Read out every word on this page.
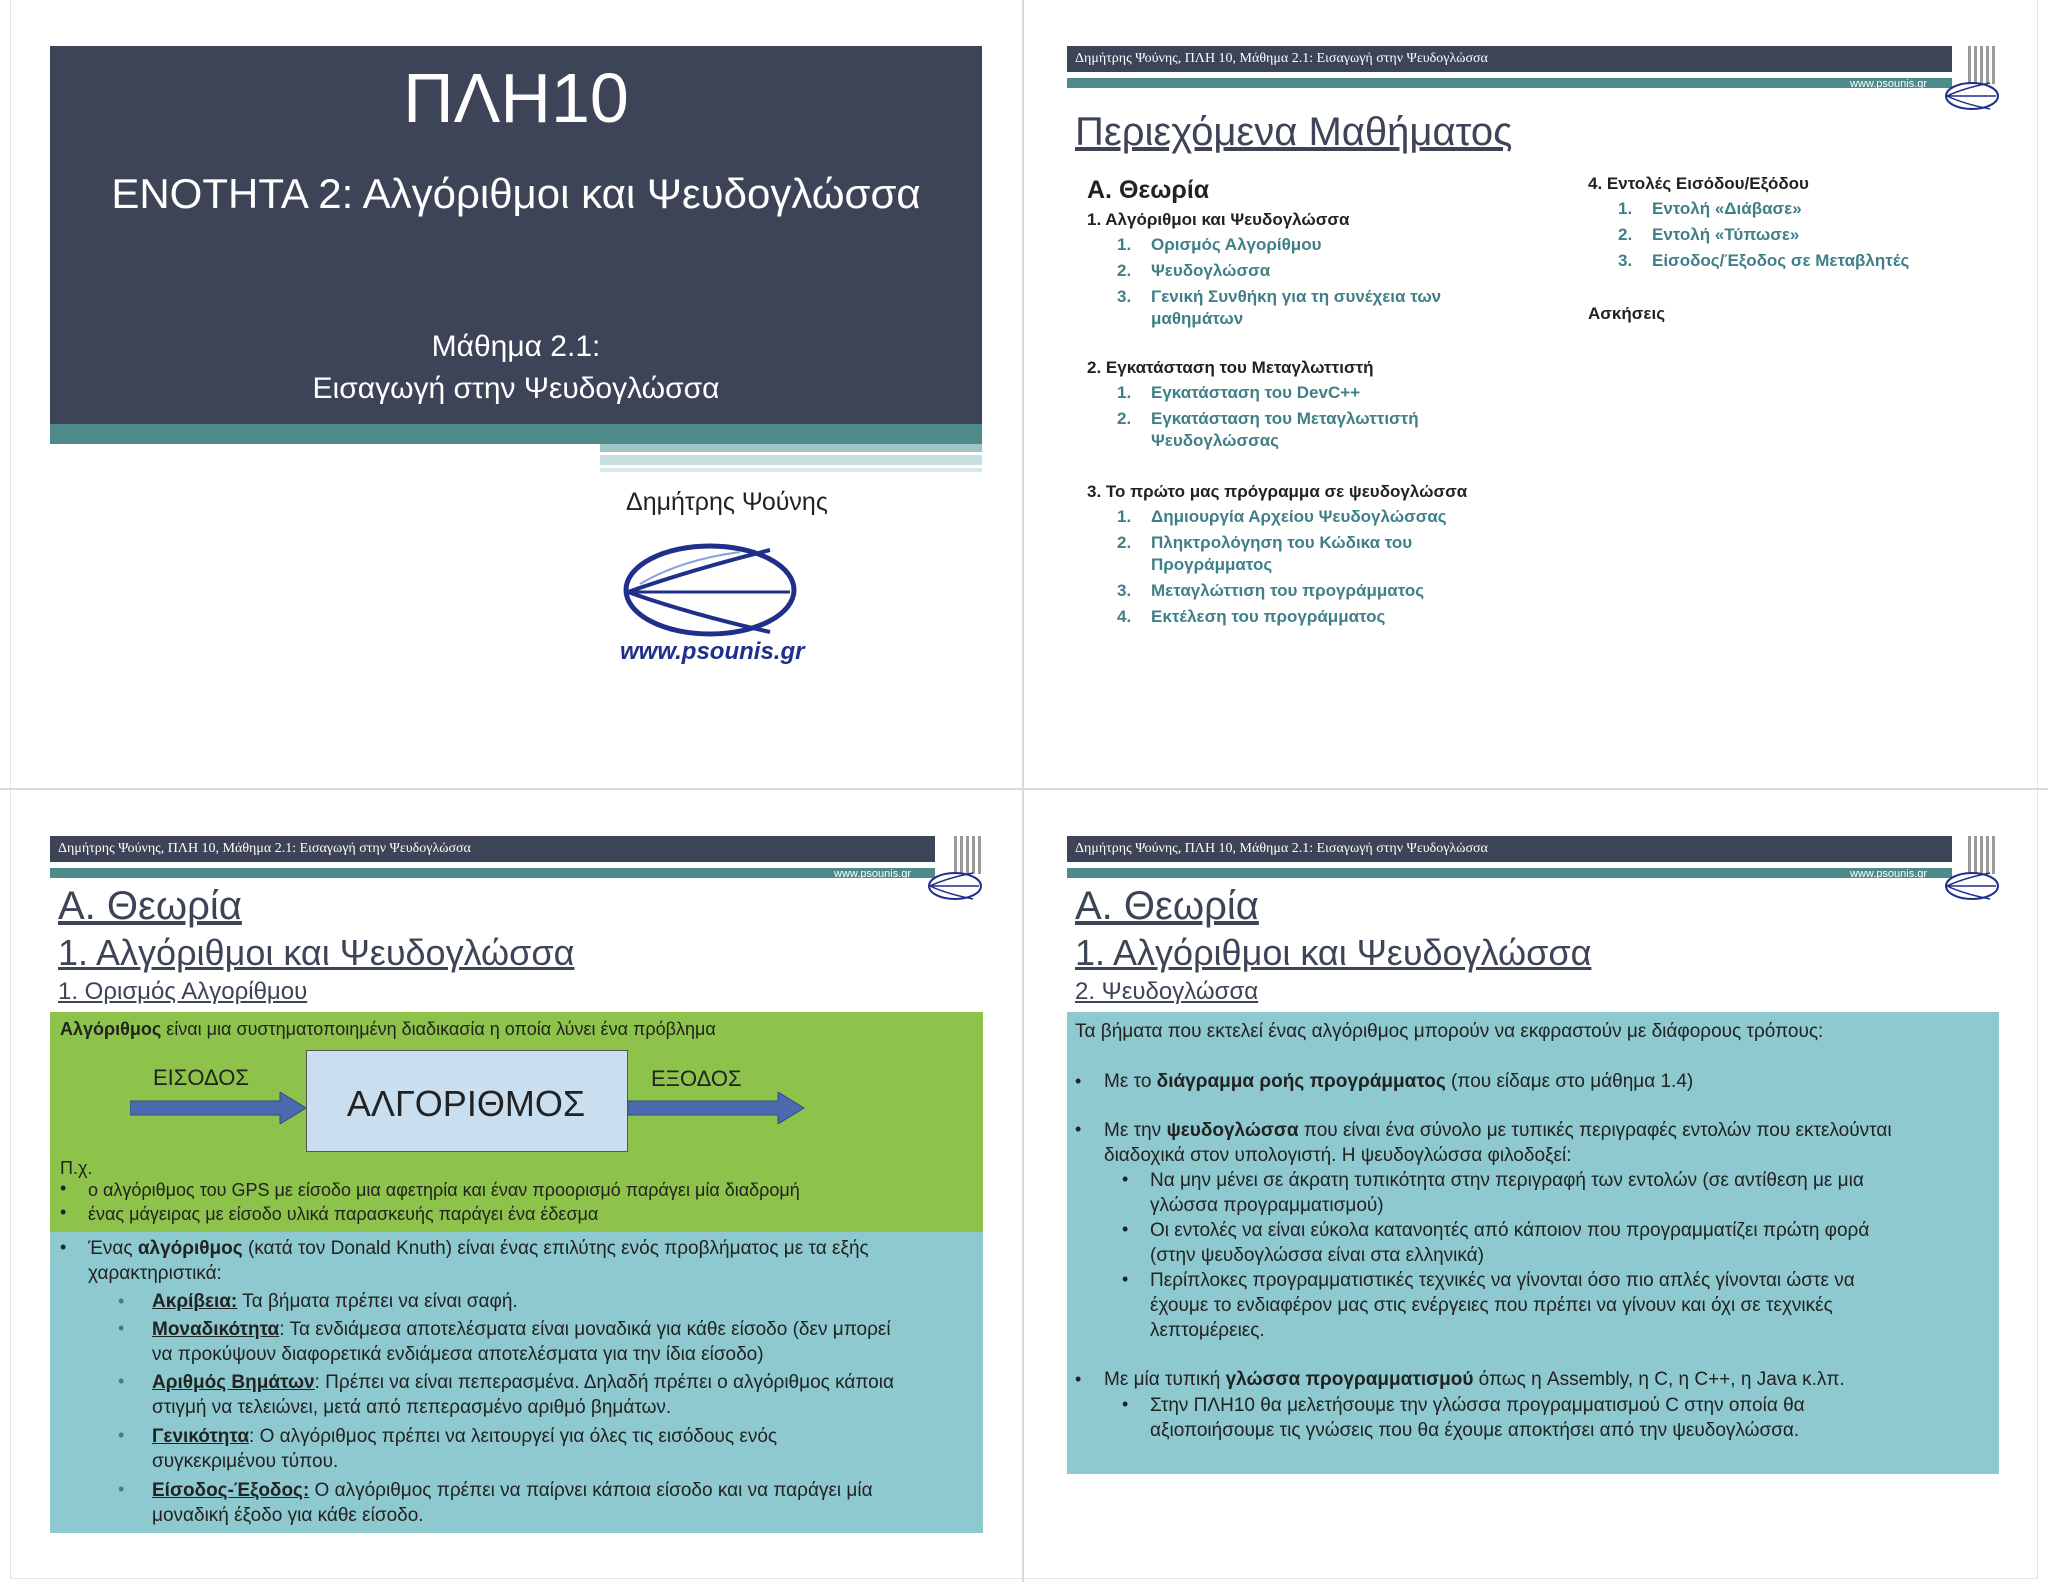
ΠΛΗ10
ΕΝΟΤΗΤΑ 2: Αλγόριθμοι και Ψευδογλώσσα
Μάθημα 2.1:
Εισαγωγή στην Ψευδογλώσσα
Δημήτρης Ψούνης
www.psounis.gr
Δημήτρης Ψούνης, ΠΛΗ 10, Μάθημα 2.1: Εισαγωγή στην Ψευδογλώσσα
www.psounis.gr
2
Περιεχόμενα Μαθήματος
Α. Θεωρία
1. Αλγόριθμοι και Ψευδογλώσσα
1. Ορισμός Αλγορίθμου
2. Ψευδογλώσσα
3. Γενική Συνθήκη για τη συνέχεια των
μαθημάτων
2. Εγκατάσταση του Μεταγλωττιστή
1. Εγκατάσταση του DevC++
2. Εγκατάσταση του Μεταγλωττιστή
Ψευδογλώσσας
3. Το πρώτο μας πρόγραμμα σε ψευδογλώσσα
1. Δημιουργία Αρχείου Ψευδογλώσσας
2. Πληκτρολόγηση του Κώδικα του
Προγράμματος
3. Μεταγλώττιση του προγράμματος
4. Εκτέλεση του προγράμματος
4. Εντολές Εισόδου/Εξόδου
1. Εντολή «Διάβασε»
2. Εντολή «Τύπωσε»
3. Είσοδος/Έξοδος σε Μεταβλητές
Ασκήσεις
Δημήτρης Ψούνης, ΠΛΗ 10, Μάθημα 2.1: Εισαγωγή στην Ψευδογλώσσα
www.psounis.gr
3
Α. Θεωρία
1. Αλγόριθμοι και Ψευδογλώσσα
1. Ορισμός Αλγορίθμου
Αλγόριθμος είναι μια συστηματοποιημένη διαδικασία η οποία λύνει ένα πρόβλημα
ΕΙΣΟΔΟΣ	ΕΞΟΔΟΣ
ΑΛΓΟΡΙΘΜΟΣ
Π.χ.
• ο αλγόριθμος του GPS με είσοδο μια αφετηρία και έναν προορισμό παράγει μία διαδρομή
• ένας μάγειρας με είσοδο υλικά παρασκευής παράγει ένα έδεσμα
• Ένας αλγόριθμος (κατά τον Donald Knuth) είναι ένας επιλύτης ενός προβλήματος με τα εξής
χαρακτηριστικά:
• Ακρίβεια: Τα βήματα πρέπει να είναι σαφή.
• Μοναδικότητα: Τα ενδιάμεσα αποτελέσματα είναι μοναδικά για κάθε είσοδο (δεν μπορεί
να προκύψουν διαφορετικά ενδιάμεσα αποτελέσματα για την ίδια είσοδο)
• Αριθμός Βημάτων: Πρέπει να είναι πεπερασμένα. Δηλαδή πρέπει ο αλγόριθμος κάποια
στιγμή να τελειώνει, μετά από πεπερασμένο αριθμό βημάτων.
• Γενικότητα: Ο αλγόριθμος πρέπει να λειτουργεί για όλες τις εισόδους ενός
συγκεκριμένου τύπου.
• Είσοδος-Έξοδος: Ο αλγόριθμος πρέπει να παίρνει κάποια είσοδο και να παράγει μία
μοναδική έξοδο για κάθε είσοδο.
Δημήτρης Ψούνης, ΠΛΗ 10, Μάθημα 2.1: Εισαγωγή στην Ψευδογλώσσα
www.psounis.gr
4
Α. Θεωρία
1. Αλγόριθμοι και Ψευδογλώσσα
2. Ψευδογλώσσα
Τα βήματα που εκτελεί ένας αλγόριθμος μπορούν να εκφραστούν με διάφορους τρόπους:
• Με το διάγραμμα ροής προγράμματος (που είδαμε στο μάθημα 1.4)
• Με την ψευδογλώσσα που είναι ένα σύνολο με τυπικές περιγραφές εντολών που εκτελούνται
διαδοχικά στον υπολογιστή. Η ψευδογλώσσα φιλοδοξεί:
• Να μην μένει σε άκρατη τυπικότητα στην περιγραφή των εντολών (σε αντίθεση με μια
γλώσσα προγραμματισμού)
• Οι εντολές να είναι εύκολα κατανοητές από κάποιον που προγραμματίζει πρώτη φορά
(στην ψευδογλώσσα είναι στα ελληνικά)
• Περίπλοκες προγραμματιστικές τεχνικές να γίνονται όσο πιο απλές γίνονται ώστε να
έχουμε το ενδιαφέρον μας στις ενέργειες που πρέπει να γίνουν και όχι σε τεχνικές
λεπτομέρειες.
• Με μία τυπική γλώσσα προγραμματισμού όπως η Assembly, η C, η C++, η Java κ.λπ.
• Στην ΠΛΗ10 θα μελετήσουμε την γλώσσα προγραμματισμού C στην οποία θα
αξιοποιήσουμε τις γνώσεις που θα έχουμε αποκτήσει από την ψευδογλώσσα.
